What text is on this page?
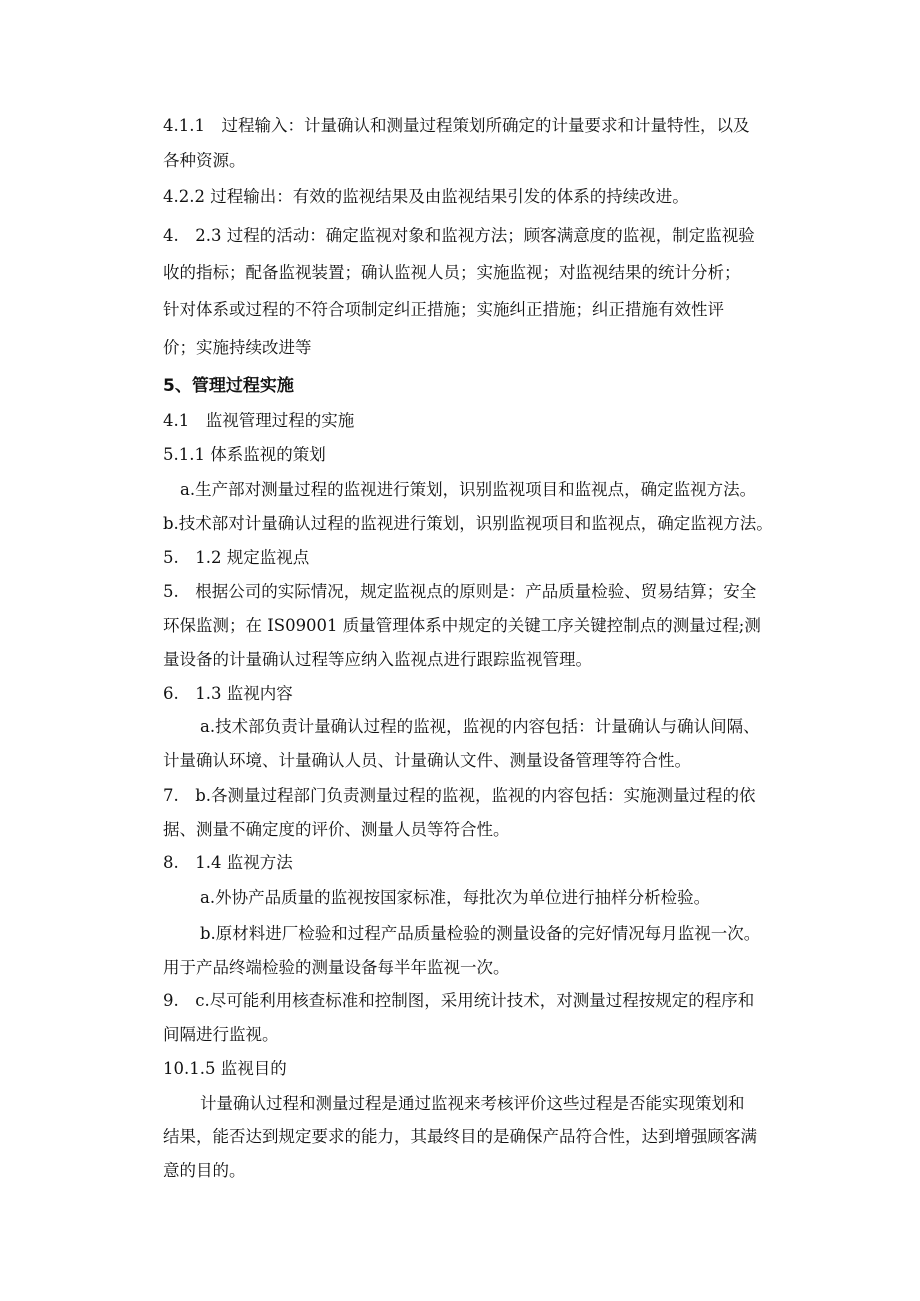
4.1.1　过程输入：计量确认和测量过程策划所确定的计量要求和计量特性，以及
各种资源。
4.2.2 过程输出：有效的监视结果及由监视结果引发的体系的持续改进。
4.　2.3 过程的活动：确定监视对象和监视方法；顾客满意度的监视，制定监视验
收的指标；配备监视装置；确认监视人员；实施监视；对监视结果的统计分析；
针对体系或过程的不符合项制定纠正措施；实施纠正措施；纠正措施有效性评
价；实施持续改进等
5、管理过程实施
4.1　监视管理过程的实施
5.1.1 体系监视的策划
a.生产部对测量过程的监视进行策划，识别监视项目和监视点，确定监视方法。
b.技术部对计量确认过程的监视进行策划，识别监视项目和监视点，确定监视方法。
5.　1.2 规定监视点
5.　根据公司的实际情况，规定监视点的原则是：产品质量检验、贸易结算；安全
环保监测；在 IS09001 质量管理体系中规定的关键工序关键控制点的测量过程;测
量设备的计量确认过程等应纳入监视点进行跟踪监视管理。
6.　1.3 监视内容
a.技术部负责计量确认过程的监视，监视的内容包括：计量确认与确认间隔、
计量确认环境、计量确认人员、计量确认文件、测量设备管理等符合性。
7.　b.各测量过程部门负责测量过程的监视，监视的内容包括：实施测量过程的依
据、测量不确定度的评价、测量人员等符合性。
8.　1.4 监视方法
a.外协产品质量的监视按国家标准，每批次为单位进行抽样分析检验。
b.原材料进厂检验和过程产品质量检验的测量设备的完好情况每月监视一次。
用于产品终端检验的测量设备每半年监视一次。
9.　c.尽可能利用核查标准和控制图，采用统计技术，对测量过程按规定的程序和
间隔进行监视。
10.1.5 监视目的
计量确认过程和测量过程是通过监视来考核评价这些过程是否能实现策划和
结果，能否达到规定要求的能力，其最终目的是确保产品符合性，达到增强顾客满
意的目的。
